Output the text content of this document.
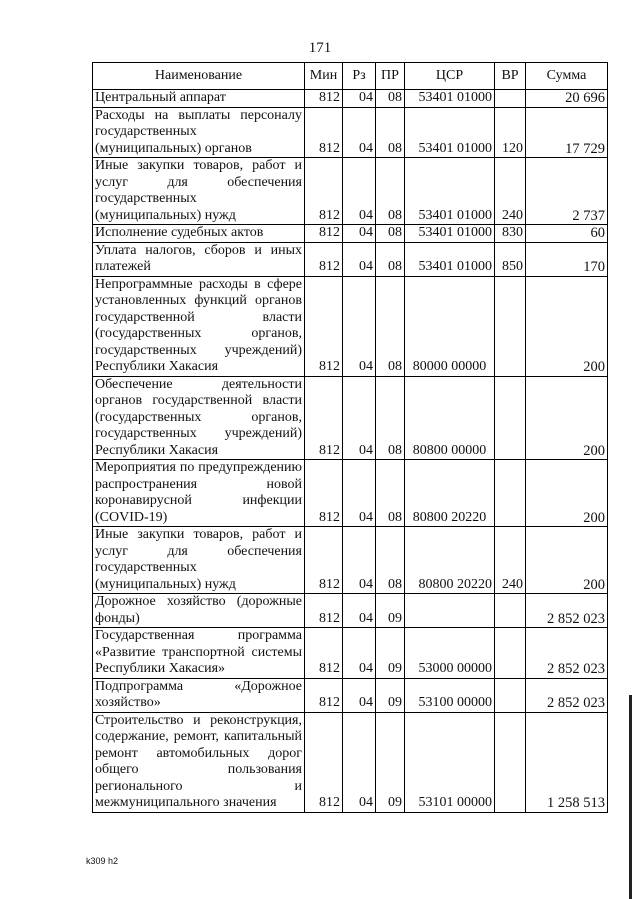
171
Наименование	Мин	Рз	ПР	ЦСР	ВР	Сумма
Центральный аппарат	812	04	08	53401 01000		20 696
Расходы на выплаты персоналу государственных (муниципальных) органов	812	04	08	53401 01000	120	17 729
Иные закупки товаров, работ и услуг для обеспечения государственных (муниципальных) нужд	812	04	08	53401 01000	240	2 737
Исполнение судебных актов	812	04	08	53401 01000	830	60
Уплата налогов, сборов и иных платежей	812	04	08	53401 01000	850	170
Непрограммные расходы в сфере установленных функций органов государственной власти (государственных органов, государственных учреждений) Республики Хакасия	812	04	08	80000 00000		200
Обеспечение деятельности органов государственной власти (государственных органов, государственных учреждений) Республики Хакасия	812	04	08	80800 00000		200
Мероприятия по предупреждению распространения новой коронавирусной инфекции (COVID-19)	812	04	08	80800 20220		200
Иные закупки товаров, работ и услуг для обеспечения государственных (муниципальных) нужд	812	04	08	80800 20220	240	200
Дорожное хозяйство (дорожные фонды)	812	04	09			2 852 023
Государственная программа «Развитие транспортной системы Республики Хакасия»	812	04	09	53000 00000		2 852 023
Подпрограмма «Дорожное хозяйство»	812	04	09	53100 00000		2 852 023
Строительство и реконструкция, содержание, ремонт, капитальный ремонт автомобильных дорог общего пользования регионального и межмуниципального значения	812	04	09	53101 00000		1 258 513
k309 h2
